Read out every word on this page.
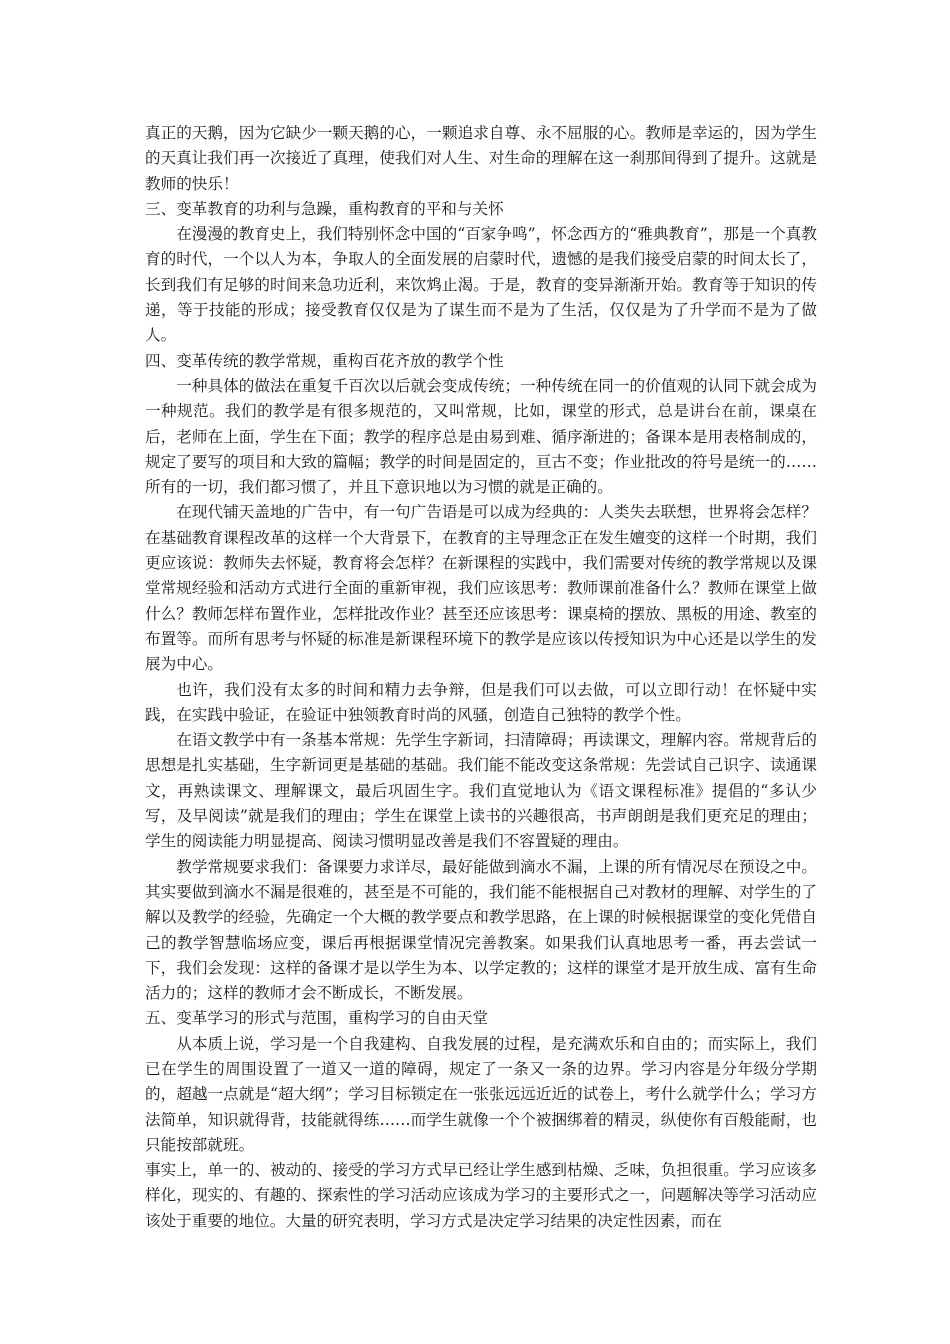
真正的天鹅，因为它缺少一颗天鹅的心，一颗追求自尊、永不屈服的心。教师是幸运的，因为学生的天真让我们再一次接近了真理，使我们对人生、对生命的理解在这一刹那间得到了提升。这就是教师的快乐！

三、变革教育的功利与急躁，重构教育的平和与关怀

在漫漫的教育史上，我们特别怀念中国的“百家争鸣”，怀念西方的“雅典教育”，那是一个真教育的时代，一个以人为本，争取人的全面发展的启蒙时代，遗憾的是我们接受启蒙的时间太长了，长到我们有足够的时间来急功近利，来饮鸩止渴。于是，教育的变异渐渐开始。教育等于知识的传递，等于技能的形成；接受教育仅仅是为了谋生而不是为了生活，仅仅是为了升学而不是为了做人。

四、变革传统的教学常规，重构百花齐放的教学个性

一种具体的做法在重复千百次以后就会变成传统；一种传统在同一的价值观的认同下就会成为一种规范。我们的教学是有很多规范的，又叫常规，比如，课堂的形式，总是讲台在前，课桌在后，老师在上面，学生在下面；教学的程序总是由易到难、循序渐进的；备课本是用表格制成的，规定了要写的项目和大致的篇幅；教学的时间是固定的，亘古不变；作业批改的符号是统一的……所有的一切，我们都习惯了，并且下意识地以为习惯的就是正确的。

在现代铺天盖地的广告中，有一句广告语是可以成为经典的：人类失去联想，世界将会怎样？在基础教育课程改革的这样一个大背景下，在教育的主导理念正在发生嬗变的这样一个时期，我们更应该说：教师失去怀疑，教育将会怎样？在新课程的实践中，我们需要对传统的教学常规以及课堂常规经验和活动方式进行全面的重新审视，我们应该思考：教师课前准备什么？教师在课堂上做什么？教师怎样布置作业，怎样批改作业？甚至还应该思考：课桌椅的摆放、黑板的用途、教室的布置等。而所有思考与怀疑的标准是新课程环境下的教学是应该以传授知识为中心还是以学生的发展为中心。

也许，我们没有太多的时间和精力去争辩，但是我们可以去做，可以立即行动！在怀疑中实践，在实践中验证，在验证中独领教育时尚的风骚，创造自己独特的教学个性。

在语文教学中有一条基本常规：先学生字新词，扫清障碍；再读课文，理解内容。常规背后的思想是扎实基础，生字新词更是基础的基础。我们能不能改变这条常规：先尝试自己识字、读通课文，再熟读课文、理解课文，最后巩固生字。我们直觉地认为《语文课程标准》提倡的“多认少写，及早阅读”就是我们的理由；学生在课堂上读书的兴趣很高，书声朗朗是我们更充足的理由；学生的阅读能力明显提高、阅读习惯明显改善是我们不容置疑的理由。

教学常规要求我们：备课要力求详尽，最好能做到滴水不漏，上课的所有情况尽在预设之中。其实要做到滴水不漏是很难的，甚至是不可能的，我们能不能根据自己对教材的理解、对学生的了解以及教学的经验，先确定一个大概的教学要点和教学思路，在上课的时候根据课堂的变化凭借自己的教学智慧临场应变，课后再根据课堂情况完善教案。如果我们认真地思考一番，再去尝试一下，我们会发现：这样的备课才是以学生为本、以学定教的；这样的课堂才是开放生成、富有生命活力的；这样的教师才会不断成长，不断发展。

五、变革学习的形式与范围，重构学习的自由天堂

从本质上说，学习是一个自我建构、自我发展的过程，是充满欢乐和自由的；而实际上，我们已在学生的周围设置了一道又一道的障碍，规定了一条又一条的边界。学习内容是分年级分学期的，超越一点就是“超大纲”；学习目标锁定在一张张远远近近的试卷上，考什么就学什么；学习方法简单，知识就得背，技能就得练……而学生就像一个个被捆绑着的精灵，纵使你有百般能耐，也只能按部就班。

事实上，单一的、被动的、接受的学习方式早已经让学生感到枯燥、乏味，负担很重。学习应该多样化，现实的、有趣的、探索性的学习活动应该成为学习的主要形式之一，问题解决等学习活动应该处于重要的地位。大量的研究表明，学习方式是决定学习结果的决定性因素，而在
